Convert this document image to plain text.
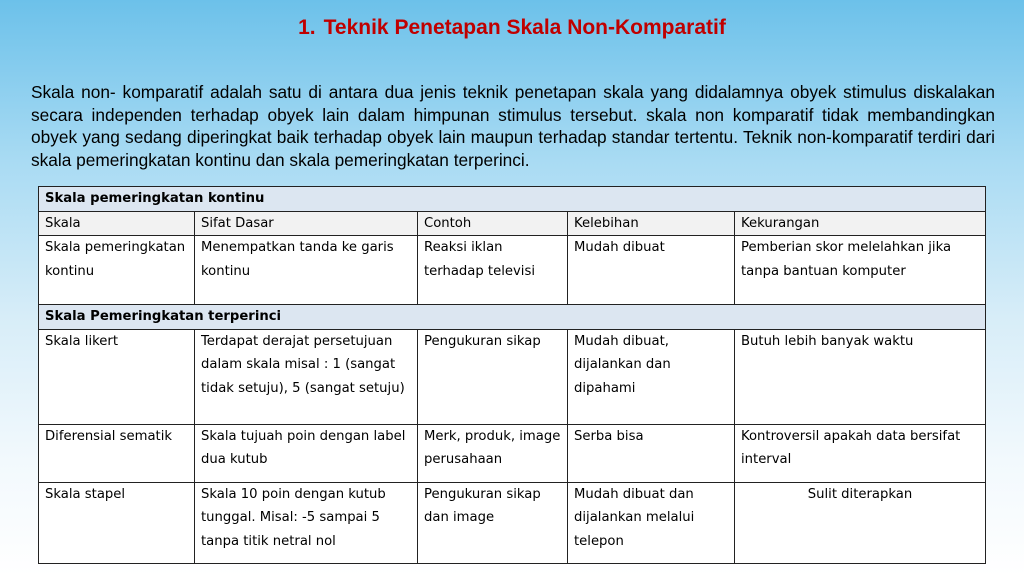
1. Teknik Penetapan Skala Non-Komparatif
Skala non- komparatif adalah satu di antara dua jenis teknik penetapan skala yang didalamnya obyek stimulus diskalakan secara independen terhadap obyek lain dalam himpunan stimulus tersebut. skala non komparatif tidak membandingkan obyek yang sedang diperingkat baik terhadap obyek lain maupun terhadap standar tertentu. Teknik non-komparatif terdiri dari skala pemeringkatan kontinu dan skala pemeringkatan terperinci.
Skala pemeringkatan kontinu				
Skala	Sifat Dasar	Contoh	Kelebihan	Kekurangan
Skala pemeringkatan kontinu	Menempatkan tanda ke garis kontinu	Reaksi iklan terhadap televisi	Mudah dibuat	Pemberian skor melelahkan jika tanpa bantuan komputer
Skala Pemeringkatan terperinci				
Skala likert	Terdapat derajat persetujuan dalam skala misal : 1 (sangat tidak setuju), 5 (sangat setuju)	Pengukuran sikap	Mudah dibuat, dijalankan dan dipahami	Butuh lebih banyak waktu
Diferensial sematik	Skala tujuah poin dengan label dua kutub	Merk, produk, image perusahaan	Serba bisa	Kontroversil apakah data bersifat interval
Skala stapel	Skala 10 poin dengan kutub tunggal. Misal: -5 sampai 5 tanpa titik netral nol	Pengukuran sikap dan image	Mudah dibuat dan dijalankan melalui telepon	Sulit diterapkan
